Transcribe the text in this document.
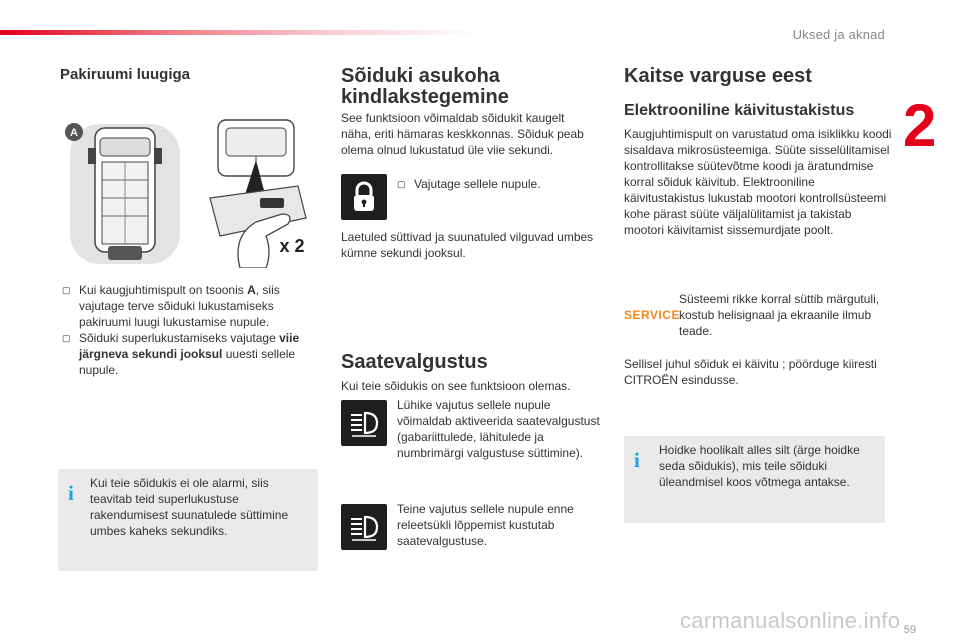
Uksed ja aknad
2
Pakiruumi luugiga
A
x 2
▢ Kui kaugjuhtimispult on tsoonis A, siis vajutage terve sõiduki lukustamiseks pakiruumi luugi lukustamise nupule.
▢ Sõiduki superlukustamiseks vajutage viie järgneva sekundi jooksul uuesti sellele nupule.
i Kui teie sõidukis ei ole alarmi, siis teavitab teid superlukustuse rakendumisest suunatulede süttimine umbes kaheks sekundiks.

Sõiduki asukoha
kindlakstegemine

See funktsioon võimaldab sõidukit kaugelt näha, eriti hämaras keskkonnas. Sõiduk peab olema olnud lukustatud üle viie sekundi.

▢ Vajutage sellele nupule.

Laetuled süttivad ja suunatuled vilguvad umbes kümne sekundi jooksul.

Saatevalgustus

Kui teie sõidukis on see funktsioon olemas.

Lühike vajutus sellele nupule võimaldab aktiveerida saatevalgustust (gabariittulede, lähitulede ja numbrimärgi valgustuse süttimine).

Teine vajutus sellele nupule enne releetsükli lõppemist kustutab saatevalgustuse.

Kaitse varguse eest
Elektrooniline käivitustakistus

Kaugjuhtimispult on varustatud oma isiklikku koodi sisaldava mikrosüsteemiga. Süüte sisselülitamisel kontrollitakse süütevõtme koodi ja äratundmise korral sõiduk käivitub. Elektrooniline käivitustakistus lukustab mootori kontrollsüsteemi kohe pärast süüte väljalülitamist ja takistab mootori käivitamist sissemurdjate poolt.

SERVICE

Süsteemi rikke korral süttib märgutuli, kostub helisignaal ja ekraanile ilmub teade.

Sellisel juhul sõiduk ei käivitu ; pöörduge kiiresti CITROËN esindusse.

i Hoidke hoolikalt alles silt (ärge hoidke seda sõidukis), mis teile sõiduki üleandmisel koos võtmega antakse.

carmanualsonline.info 59
